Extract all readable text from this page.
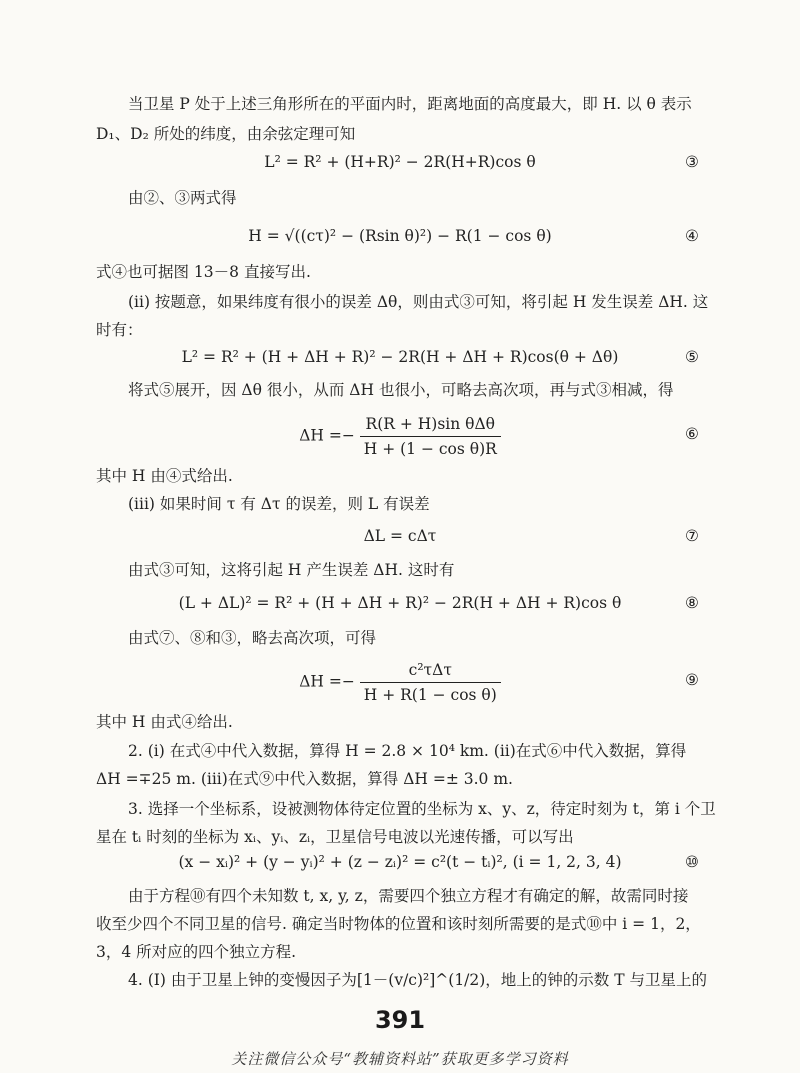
当卫星 P 处于上述三角形所在的平面内时，距离地面的高度最大，即 H. 以 θ 表示
D₁、D₂ 所处的纬度，由余弦定理可知
L² = R² + (H+R)² − 2R(H+R)cos θ	③
由②、③两式得
H = √((cτ)² − (Rsin θ)²) − R(1 − cos θ)	④
式④也可据图 13－8 直接写出.
(ii) 按题意，如果纬度有很小的误差 Δθ，则由式③可知，将引起 H 发生误差 ΔH. 这
时有：
L² = R² + (H + ΔH + R)² − 2R(H + ΔH + R)cos(θ + Δθ)	⑤
将式⑤展开，因 Δθ 很小，从而 ΔH 也很小，可略去高次项，再与式③相减，得
$\Delta H =- \frac{\text{R(R + H)sin θΔθ}}{\text{H + (1 − cos θ)R}}$	⑥
其中 H 由④式给出.
(iii) 如果时间 τ 有 Δτ 的误差，则 L 有误差
ΔL = cΔτ	⑦
由式③可知，这将引起 H 产生误差 ΔH. 这时有
(L + ΔL)² = R² + (H + ΔH + R)² − 2R(H + ΔH + R)cos θ	⑧
由式⑦、⑧和③，略去高次项，可得
$\Delta H =- \frac{\text{c²τΔτ}}{\text{H + R(1 − cos θ)}}$	⑨
其中 H 由式④给出.
2. (i) 在式④中代入数据，算得 H = 2.8 × 10⁴ km. (ii)在式⑥中代入数据，算得
ΔH =∓25 m. (iii)在式⑨中代入数据，算得 ΔH =± 3.0 m.
3. 选择一个坐标系，设被测物体待定位置的坐标为 x、y、z，待定时刻为 t，第 i 个卫
星在 tᵢ 时刻的坐标为 xᵢ、yᵢ、zᵢ，卫星信号电波以光速传播，可以写出
(x − xᵢ)² + (y − yᵢ)² + (z − zᵢ)² = c²(t − tᵢ)², (i = 1, 2, 3, 4)	⑩
由于方程⑩有四个未知数 t, x, y, z，需要四个独立方程才有确定的解，故需同时接
收至少四个不同卫星的信号. 确定当时物体的位置和该时刻所需要的是式⑩中 i = 1，2，
3，4 所对应的四个独立方程.
4. (Ⅰ) 由于卫星上钟的变慢因子为[1－(v/c)²]^(1/2)，地上的钟的示数 T 与卫星上的
391
关注微信公众号“教辅资料站”获取更多学习资料
